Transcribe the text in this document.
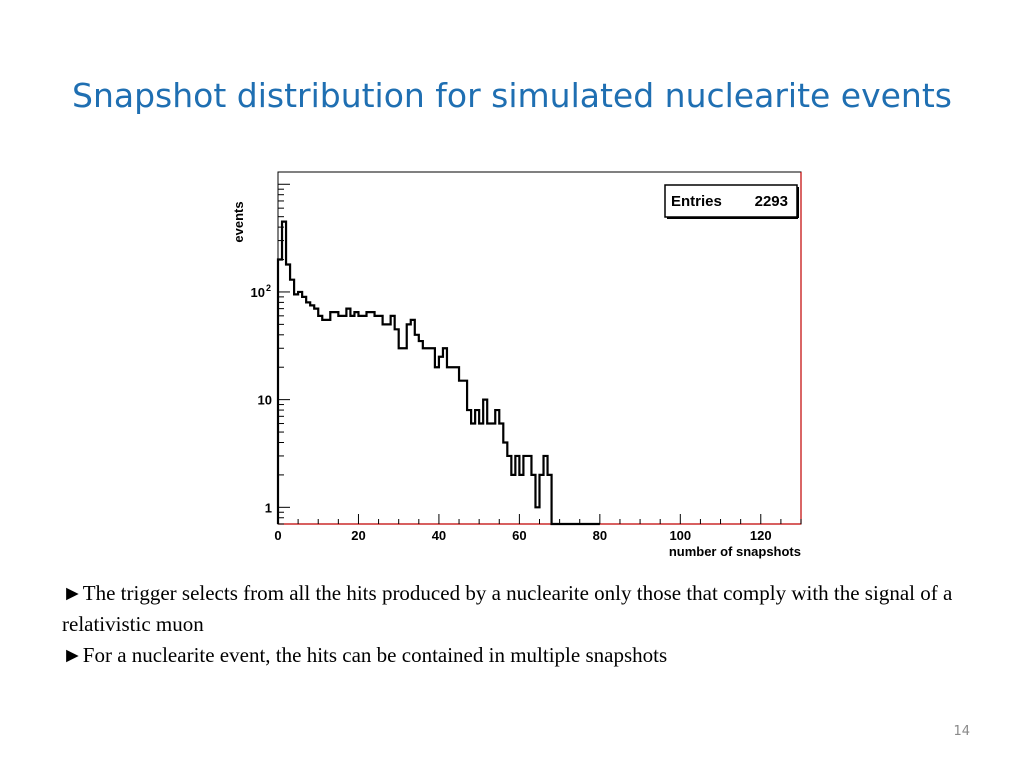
Snapshot distribution for simulated nuclearite events
0	20	40	60	80	100	120
1
10
10 2
number of snapshots
events	Entries 2293

►The trigger selects from all the hits produced by a nuclearite only those that comply with the signal of a relativistic muon

►For a nuclearite event, the hits can be contained in multiple snapshots

14
